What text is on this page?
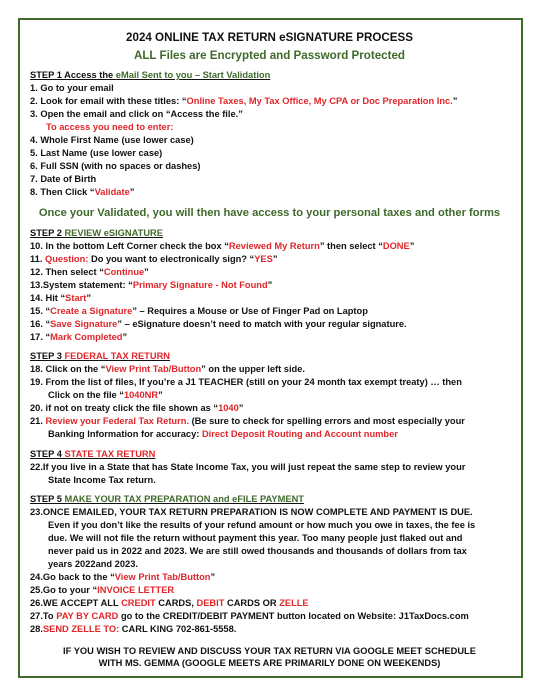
2024 ONLINE TAX RETURN eSIGNATURE PROCESS
ALL Files are Encrypted and Password Protected
STEP 1 Access the eMail Sent to you – Start Validation
1. Go to your email
2. Look for email with these titles: “Online Taxes, My Tax Office, My CPA or Doc Preparation Inc.”
3. Open the email and click on “Access the file.”
To access you need to enter:
4. Whole First Name (use lower case)
5. Last Name (use lower case)
6. Full SSN (with no spaces or dashes)
7. Date of Birth
8. Then Click “Validate”
Once your Validated, you will then have access to your personal taxes and other forms
STEP 2 REVIEW eSIGNATURE
10. In the bottom Left Corner check the box “Reviewed My Return” then select “DONE”
11. Question: Do you want to electronically sign? “YES”
12. Then select “Continue”
13.System statement: “Primary Signature - Not Found”
14. Hit “Start”
15. “Create a Signature” – Requires a Mouse or Use of Finger Pad on Laptop
16. “Save Signature” – eSignature doesn’t need to match with your regular signature.
17. “Mark Completed”
STEP 3 FEDERAL TAX RETURN
18. Click on the “View Print Tab/Button” on the upper left side.
19. From the list of files, If you’re a J1 TEACHER (still on your 24 month tax exempt treaty) … then
Click on the file “1040NR”
20. if not on treaty click the file shown as “1040”
21. Review your Federal Tax Return. (Be sure to check for spelling errors and most especially your
Banking Information for accuracy: Direct Deposit Routing and Account number
STEP 4 STATE TAX RETURN
22.If you live in a State that has State Income Tax, you will just repeat the same step to review your
State Income Tax return.
STEP 5 MAKE YOUR TAX PREPARATION and eFILE PAYMENT
23.ONCE EMAILED, YOUR TAX RETURN PREPARATION IS NOW COMPLETE AND PAYMENT IS DUE.
Even if you don’t like the results of your refund amount or how much you owe in taxes, the fee is
due. We will not file the return without payment this year. Too many people just flaked out and
never paid us in 2022 and 2023. We are still owed thousands and thousands of dollars from tax
years 2022and 2023.
24.Go back to the “View Print Tab/Button”
25.Go to your “INVOICE LETTER
26.WE ACCEPT ALL CREDIT CARDS, DEBIT CARDS OR ZELLE
27.To PAY BY CARD go to the CREDIT/DEBIT PAYMENT button located on Website: J1TaxDocs.com
28.SEND ZELLE TO: CARL KING 702-861-5558.
IF YOU WISH TO REVIEW AND DISCUSS YOUR TAX RETURN VIA GOOGLE MEET SCHEDULE
WITH MS. GEMMA (GOOGLE MEETS ARE PRIMARILY DONE ON WEEKENDS)
